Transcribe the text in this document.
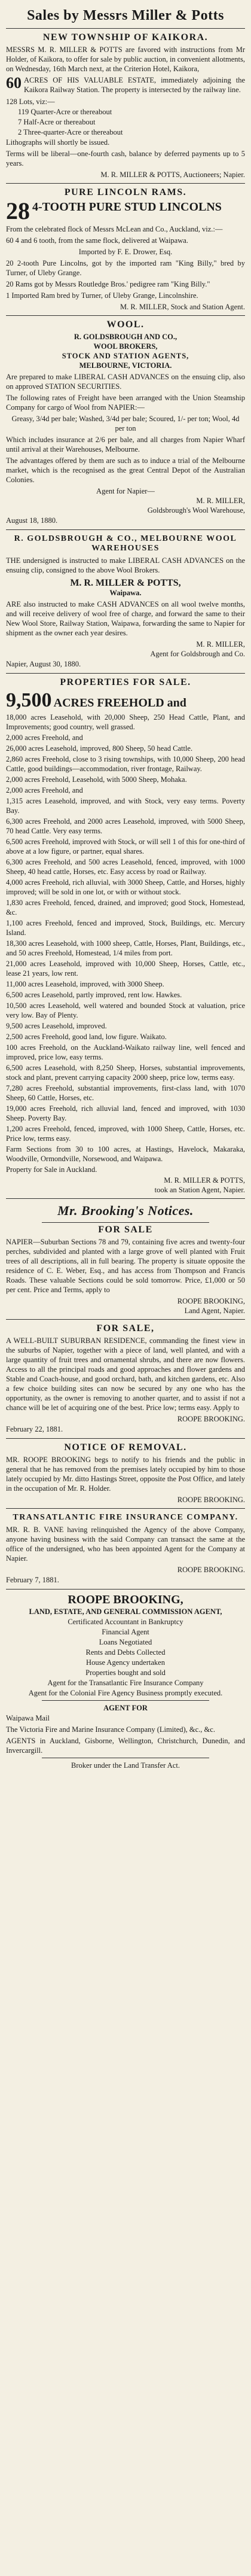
Sales by Messrs Miller & Potts
NEW TOWNSHIP OF KAIKORA.

MESSRS M. R. MILLER & POTTS are favored with instructions from Mr Holder, of Kaikora, to offer for sale by public auction, in convenient allotments, on Wednesday, 16th March next, at the Criterion Hotel, Kaikora,

60 ACRES OF HIS VALUABLE ESTATE, immediately adjoining the Kaikora Railway Station. The property is intersected by the railway line.

128 Lots, viz:—
119 Quarter-Acre or thereabout
7 Half-Acre or thereabout
2 Three-quarter-Acre or thereabout
Lithographs will shortly be issued.

Terms will be liberal—one-fourth cash, balance by deferred payments up to 5 years.

M. R. MILLER & POTTS, Auctioneers; Napier.
PURE LINCOLN RAMS.
28 4-TOOTH PURE STUD LINCOLNS

From the celebrated flock of Messrs McLean and Co., Auckland, viz.:—

60 4 and 6 tooth, from the same flock, delivered at Waipawa.

Imported by F. E. Drower, Esq.

20 2-tooth Pure Lincolns, got by the imported ram "King Billy," bred by Turner, of Uleby Grange.

20 Rams got by Messrs Routledge Bros.' pedigree ram "King Billy."

1 Imported Ram bred by Turner, of Uleby Grange, Lincolnshire.

M. R. MILLER, Stock and Station Agent.
WOOL.
R. GOLDSBROUGH AND CO.,
WOOL BROKERS,
STOCK AND STATION AGENTS,
MELBOURNE, VICTORIA.

Are prepared to make LIBERAL CASH ADVANCES on the ensuing clip, also on approved STATION SECURITIES.

The following rates of Freight have been arranged with the Union Steamship Company for cargo of Wool from NAPIER:—

Greasy, 3/4d per bale; Washed, 3/4d per bale; Scoured, 1/- per ton; Wool, 4d per ton

Which includes insurance at 2/6 per bale, and all charges from Napier Wharf until arrival at their Warehouses, Melbourne.

The advantages offered by them are such as to induce a trial of the Melbourne market, which is the recognised as the great Central Depot of the Australian Colonies.

Agent for Napier—
M. R. MILLER,
Goldsbrough's Wool Warehouse,
August 18, 1880.
R. GOLDSBROUGH & CO., MELBOURNE WOOL WAREHOUSES

THE undersigned is instructed to make LIBERAL CASH ADVANCES on the ensuing clip, consigned to the above Wool Brokers.

M. R. MILLER & POTTS,
Waipawa.

ARE also instructed to make CASH ADVANCES on all wool twelve months, and will receive delivery of wool free of charge, and forward the same to their New Wool Store, Railway Station, Waipawa, forwarding the same to Napier for shipment as the owner each year desires.

M. R. MILLER,
Agent for Goldsbrough and Co.
Napier, August 30, 1880.
PROPERTIES FOR SALE.
9,500 ACRES FREEHOLD and
18,000 acres Leasehold, with 20,000 Sheep, 250 Head Cattle, Plant, and Improvements; good country, well grassed.
2,000 acres Freehold, and
26,000 acres Leasehold, improved, 800 Sheep, 50 head Cattle.
2,860 acres Freehold, close to 3 rising townships, with 10,000 Sheep, 200 head Cattle, good buildings—accommodation, river frontage, Railway.
2,000 acres Freehold, Leasehold, with 5000 Sheep, Mohaka.
2,000 acres Freehold, and
1,315 acres Leasehold, improved, and with Stock, very easy terms. Poverty Bay.
6,300 acres Freehold, and 2000 acres Leasehold, improved, with 5000 Sheep, 70 head Cattle. Very easy terms.
6,500 acres Freehold, improved with Stock, or will sell 1 of this for one-third of above at a low figure, or partner, equal shares.
6,300 acres Freehold, and 500 acres Leasehold, fenced, improved, with 1000 Sheep, 40 head cattle, Horses, etc. Easy access by road or Railway.
4,000 acres Freehold, rich alluvial, with 3000 Sheep, Cattle, and Horses, highly improved; will be sold in one lot, or with or without stock.
1,830 acres Freehold, fenced, drained, and improved; good Stock, Homestead, &c.
1,100 acres Freehold, fenced and improved, Stock, Buildings, etc. Mercury Island.
18,300 acres Leasehold, with 1000 sheep, Cattle, Horses, Plant, Buildings, etc., and 50 acres Freehold, Homestead, 1/4 miles from port.
21,000 acres Leasehold, improved with 10,000 Sheep, Horses, Cattle, etc., lease 21 years, low rent.
11,000 acres Leasehold, improved, with 3000 Sheep.
6,500 acres Leasehold, partly improved, rent low. Hawkes.
10,500 acres Leasehold, well watered and bounded Stock at valuation, price very low. Bay of Plenty.
9,500 acres Leasehold, improved.
2,500 acres Freehold, good land, low figure. Waikato.
100 acres Freehold, on the Auckland-Waikato railway line, well fenced and improved, price low, easy terms.
6,500 acres Leasehold, with 8,250 Sheep, Horses, substantial improvements, stock and plant, prevent carrying capacity 2000 sheep, price low, terms easy.
7,280 acres Freehold, substantial improvements, first-class land, with 1070 Sheep, 60 Cattle, Horses, etc.
19,000 acres Freehold, rich alluvial land, fenced and improved, with 1030 Sheep. Poverty Bay.
1,200 acres Freehold, fenced, improved, with 1000 Sheep, Cattle, Horses, etc. Price low, terms easy.
Farm Sections from 30 to 100 acres, at Hastings, Havelock, Makaraka, Woodville, Ormondville, Norsewood, and Waipawa.
Property for Sale in Auckland.
M. R. MILLER & POTTS,
took an Station Agent, Napier.
Mr. Brooking's Notices.
FOR SALE

NAPIER—Suburban Sections 78 and 79, containing five acres and twenty-four perches, subdivided and planted with a large grove of well planted with Fruit trees of all descriptions, all in full bearing. The property is situate opposite the residence of C. E. Weber, Esq., and has access from Thompson and Francis Roads. These valuable Sections could be sold tomorrow. Price, £1,000 or 50 per cent. Price and Terms, apply to

ROOPE BROOKING,
Land Agent, Napier.
FOR SALE,

A WELL-BUILT SUBURBAN RESIDENCE, commanding the finest view in the suburbs of Napier, together with a piece of land, well planted, and with a large quantity of fruit trees and ornamental shrubs, and there are now flowers. Access to all the principal roads and good approaches and flower gardens and Stable and Coach-house, and good orchard, bath, and kitchen gardens, etc. Also a few choice building sites can now be secured by any one who has the opportunity, as the owner is removing to another quarter, and to assist if not a chance will be let of acquiring one of the best. Price low; terms easy. Apply to

ROOPE BROOKING.
February 22, 1881.
NOTICE OF REMOVAL.

MR. ROOPE BROOKING begs to notify to his friends and the public in general that he has removed from the premises lately occupied by him to those lately occupied by Mr. ditto Hastings Street, opposite the Post Office, and lately in the occupation of Mr. R. Holder.

ROOPE BROOKING.
TRANSATLANTIC FIRE INSURANCE COMPANY.

MR. R. B. VANE having relinquished the Agency of the above Company, anyone having business with the said Company can transact the same at the office of the undersigned, who has been appointed Agent for the Company at Napier.

ROOPE BROOKING.
February 7, 1881.
ROOPE BROOKING,
LAND, ESTATE, AND GENERAL COMMISSION AGENT,
Certificated Accountant in Bankruptcy
Financial Agent
Loans Negotiated
Rents and Debts Collected
House Agency undertaken
Properties bought and sold
Agent for the Transatlantic Fire Insurance Company
Agent for the Colonial Fire Agency Business promptly executed.
AGENT FOR
Waipawa Mail

The Victoria Fire and Marine Insurance Company (Limited), &c., &c.

AGENTS in Auckland, Gisborne, Wellington, Christchurch, Dunedin, and Invercargill.

Broker under the Land Transfer Act.
